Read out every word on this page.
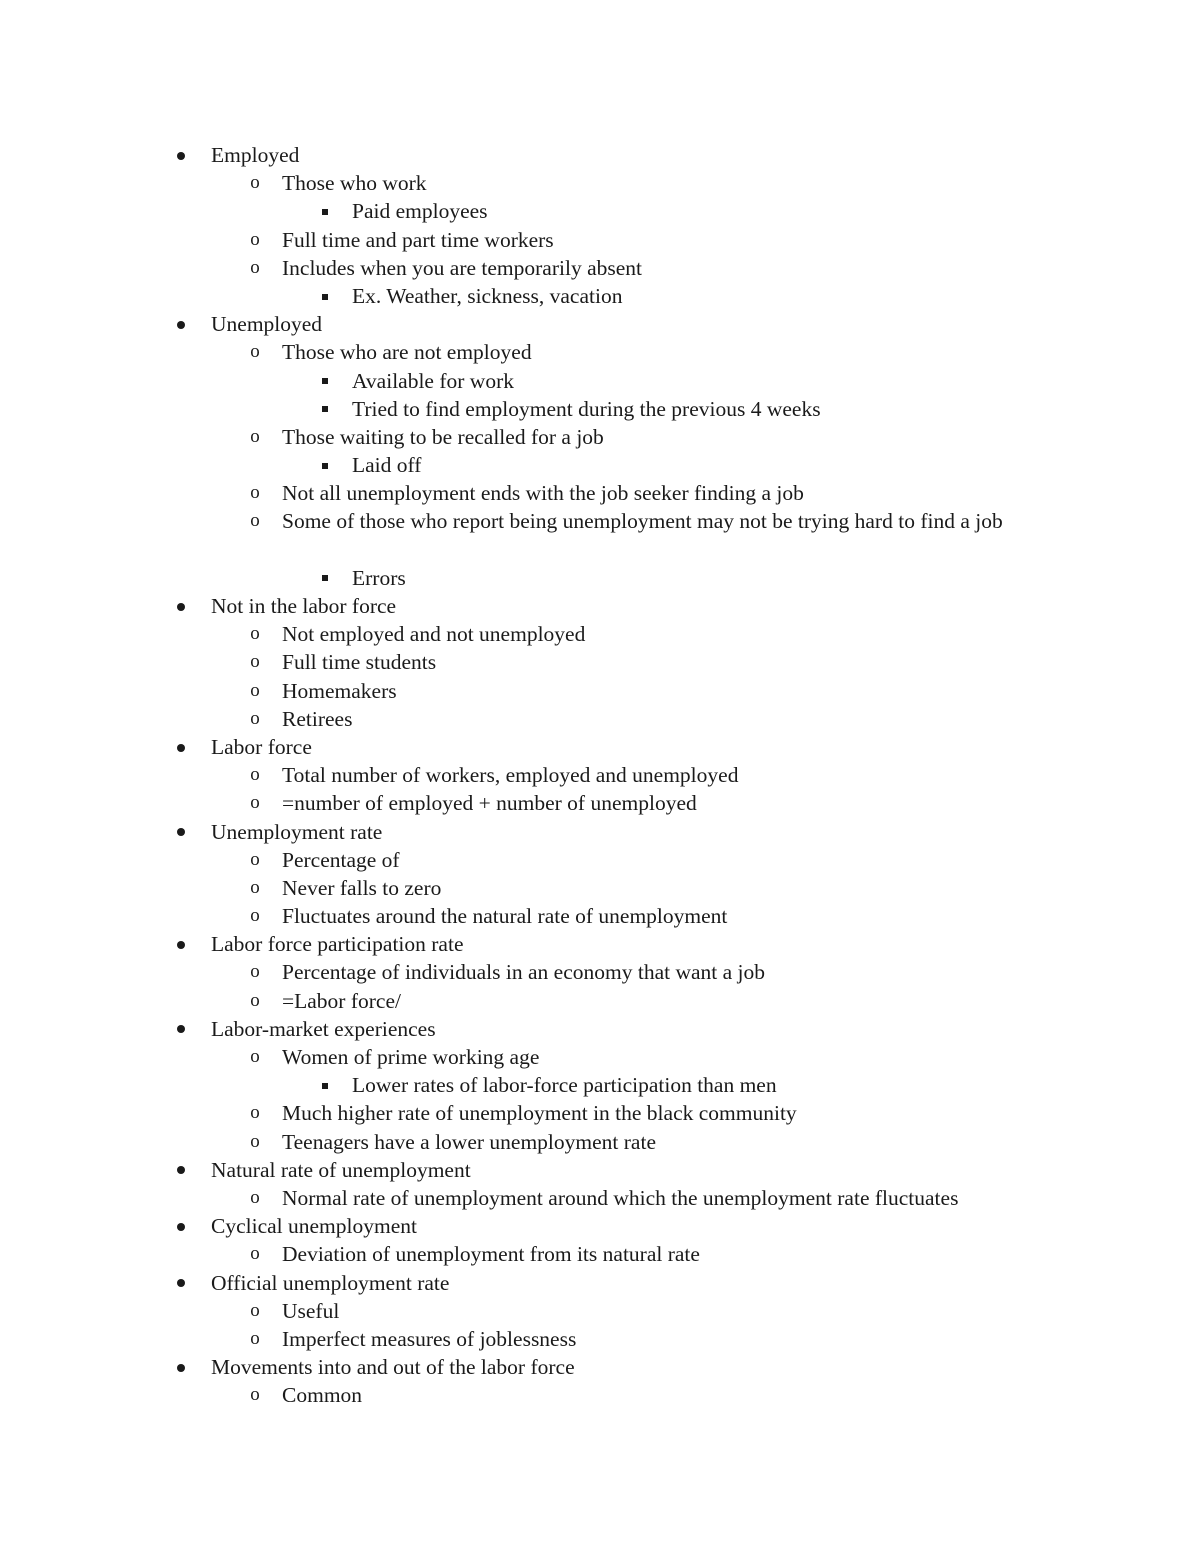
Employed
o	Those who work
Paid employees
o	Full time and part time workers
o	Includes when you are temporarily absent
Ex. Weather, sickness, vacation
Unemployed
o	Those who are not employed
Available for work
Tried to find employment during the previous 4 weeks
o	Those waiting to be recalled for a job
Laid off
o	Not all unemployment ends with the job seeker finding a job
o	Some of those who report being unemployment may not be trying hard to find a job
Errors
Not in the labor force
o	Not employed and not unemployed
o	Full time students
o	Homemakers
o	Retirees
Labor force
o	Total number of workers, employed and unemployed
o	=number of employed + number of unemployed
Unemployment rate
o	Percentage of
o	Never falls to zero
o	Fluctuates around the natural rate of unemployment
Labor force participation rate
o	Percentage of individuals in an economy that want a job
o	=Labor force/
Labor-market experiences
o	Women of prime working age
Lower rates of labor-force participation than men
o	Much higher rate of unemployment in the black community
o	Teenagers have a lower unemployment rate
Natural rate of unemployment
o	Normal rate of unemployment around which the unemployment rate fluctuates
Cyclical unemployment
o	Deviation of unemployment from its natural rate
Official unemployment rate
o	Useful
o	Imperfect measures of joblessness
Movements into and out of the labor force
o	Common
